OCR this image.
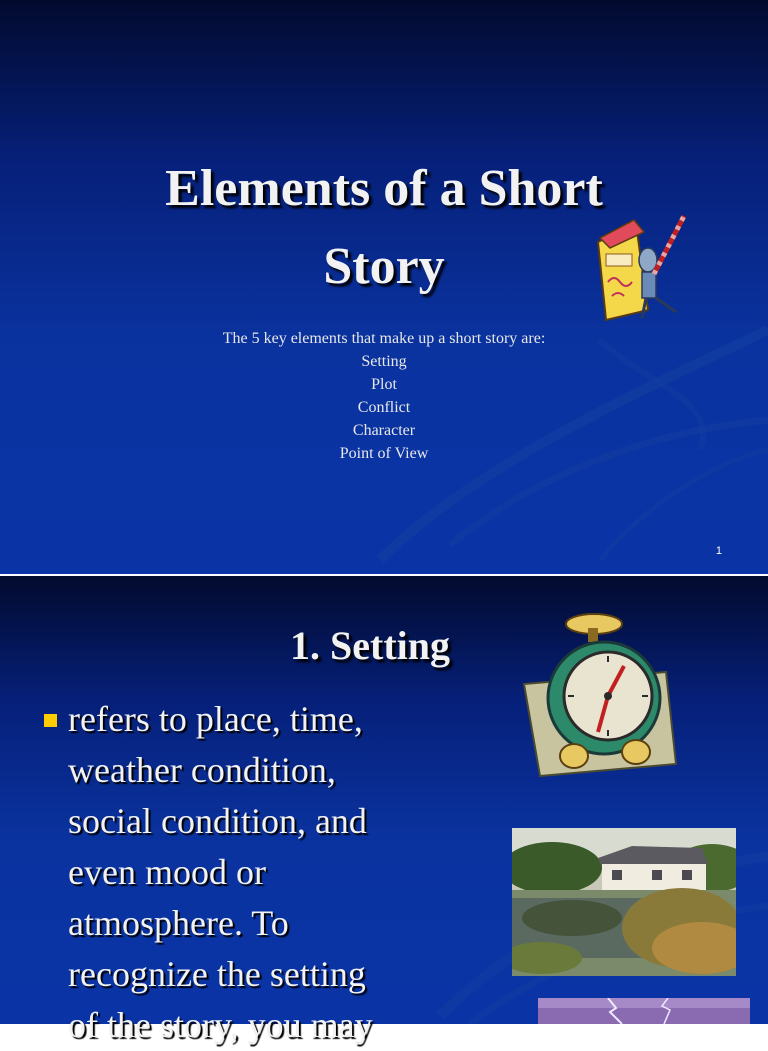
Elements of a Short
Story
The 5 key elements that make up a short story are:
Setting
Plot
Conflict
Character
Point of View
1
1. Setting
refers to place, time,
weather condition,
social condition, and
even mood or
atmosphere. To
recognize the setting
of the story, you may
